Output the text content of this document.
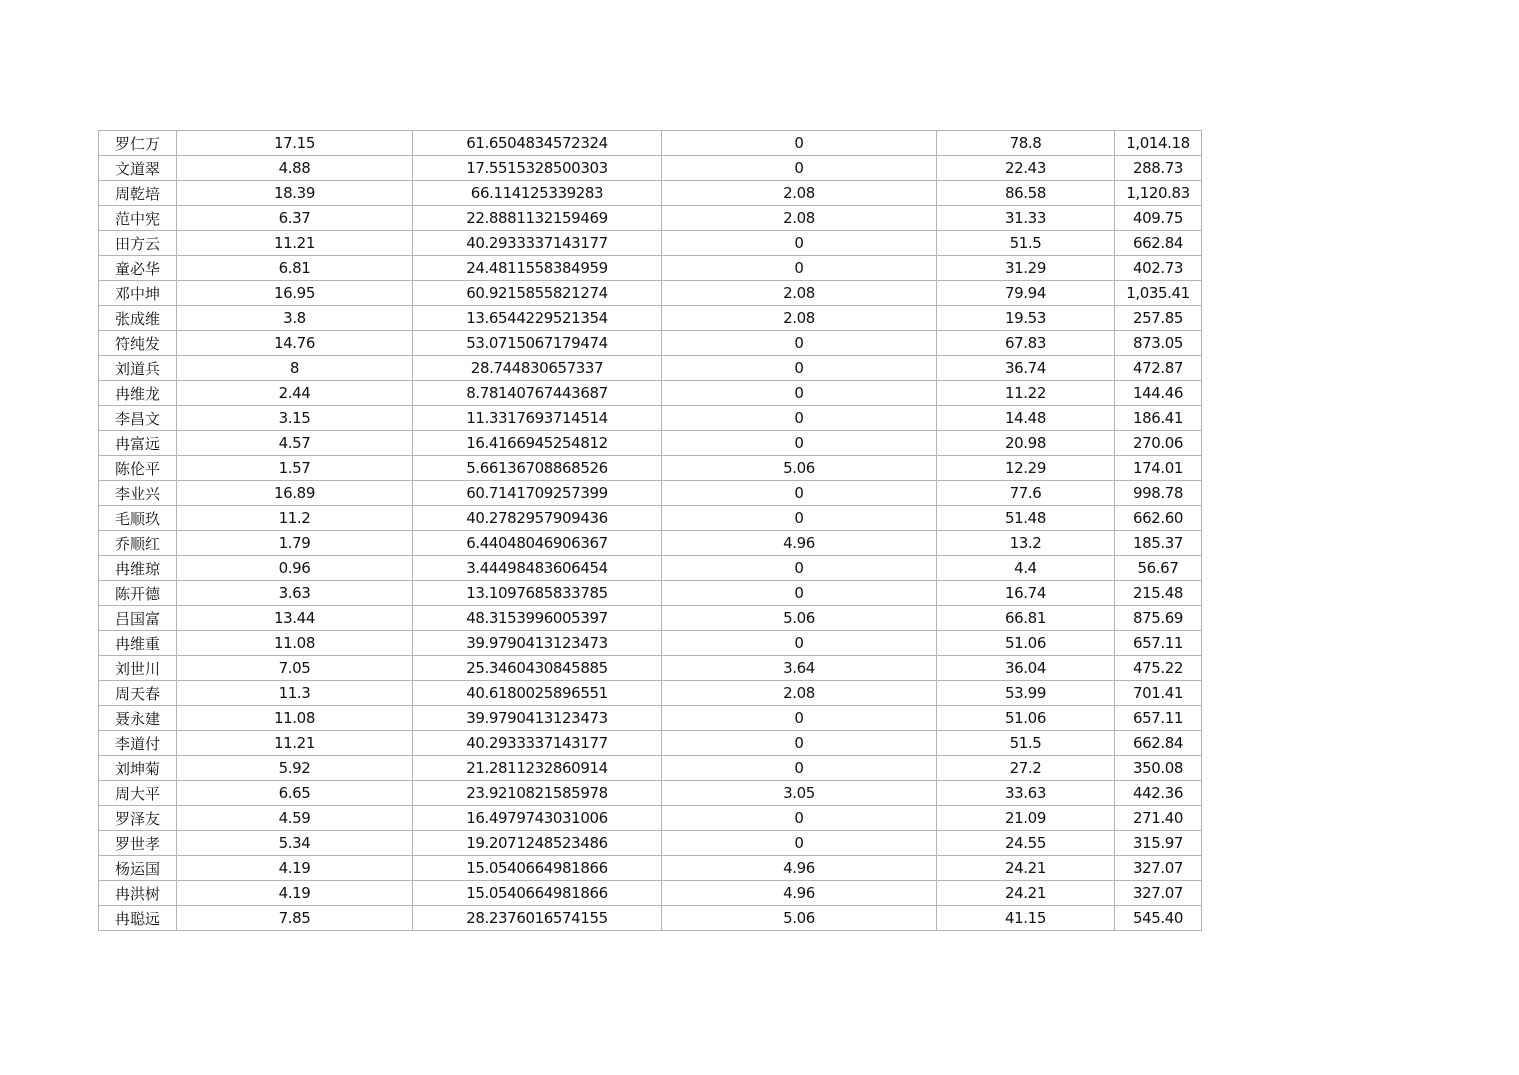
罗仁万	17.15	61.6504834572324	0	78.8	1,014.18
文道翠	4.88	17.5515328500303	0	22.43	288.73
周乾培	18.39	66.114125339283	2.08	86.58	1,120.83
范中宪	6.37	22.8881132159469	2.08	31.33	409.75
田方云	11.21	40.2933337143177	0	51.5	662.84
童必华	6.81	24.4811558384959	0	31.29	402.73
邓中坤	16.95	60.9215855821274	2.08	79.94	1,035.41
张成维	3.8	13.6544229521354	2.08	19.53	257.85
符纯发	14.76	53.0715067179474	0	67.83	873.05
刘道兵	8	28.744830657337	0	36.74	472.87
冉维龙	2.44	8.78140767443687	0	11.22	144.46
李昌文	3.15	11.3317693714514	0	14.48	186.41
冉富远	4.57	16.4166945254812	0	20.98	270.06
陈伦平	1.57	5.66136708868526	5.06	12.29	174.01
李业兴	16.89	60.7141709257399	0	77.6	998.78
毛顺玖	11.2	40.2782957909436	0	51.48	662.60
乔顺红	1.79	6.44048046906367	4.96	13.2	185.37
冉维琼	0.96	3.44498483606454	0	4.4	56.67
陈开德	3.63	13.1097685833785	0	16.74	215.48
吕国富	13.44	48.3153996005397	5.06	66.81	875.69
冉维重	11.08	39.9790413123473	0	51.06	657.11
刘世川	7.05	25.3460430845885	3.64	36.04	475.22
周天春	11.3	40.6180025896551	2.08	53.99	701.41
聂永建	11.08	39.9790413123473	0	51.06	657.11
李道付	11.21	40.2933337143177	0	51.5	662.84
刘坤菊	5.92	21.2811232860914	0	27.2	350.08
周大平	6.65	23.9210821585978	3.05	33.63	442.36
罗泽友	4.59	16.4979743031006	0	21.09	271.40
罗世孝	5.34	19.2071248523486	0	24.55	315.97
杨运国	4.19	15.0540664981866	4.96	24.21	327.07
冉洪树	4.19	15.0540664981866	4.96	24.21	327.07
冉聪远	7.85	28.2376016574155	5.06	41.15	545.40
